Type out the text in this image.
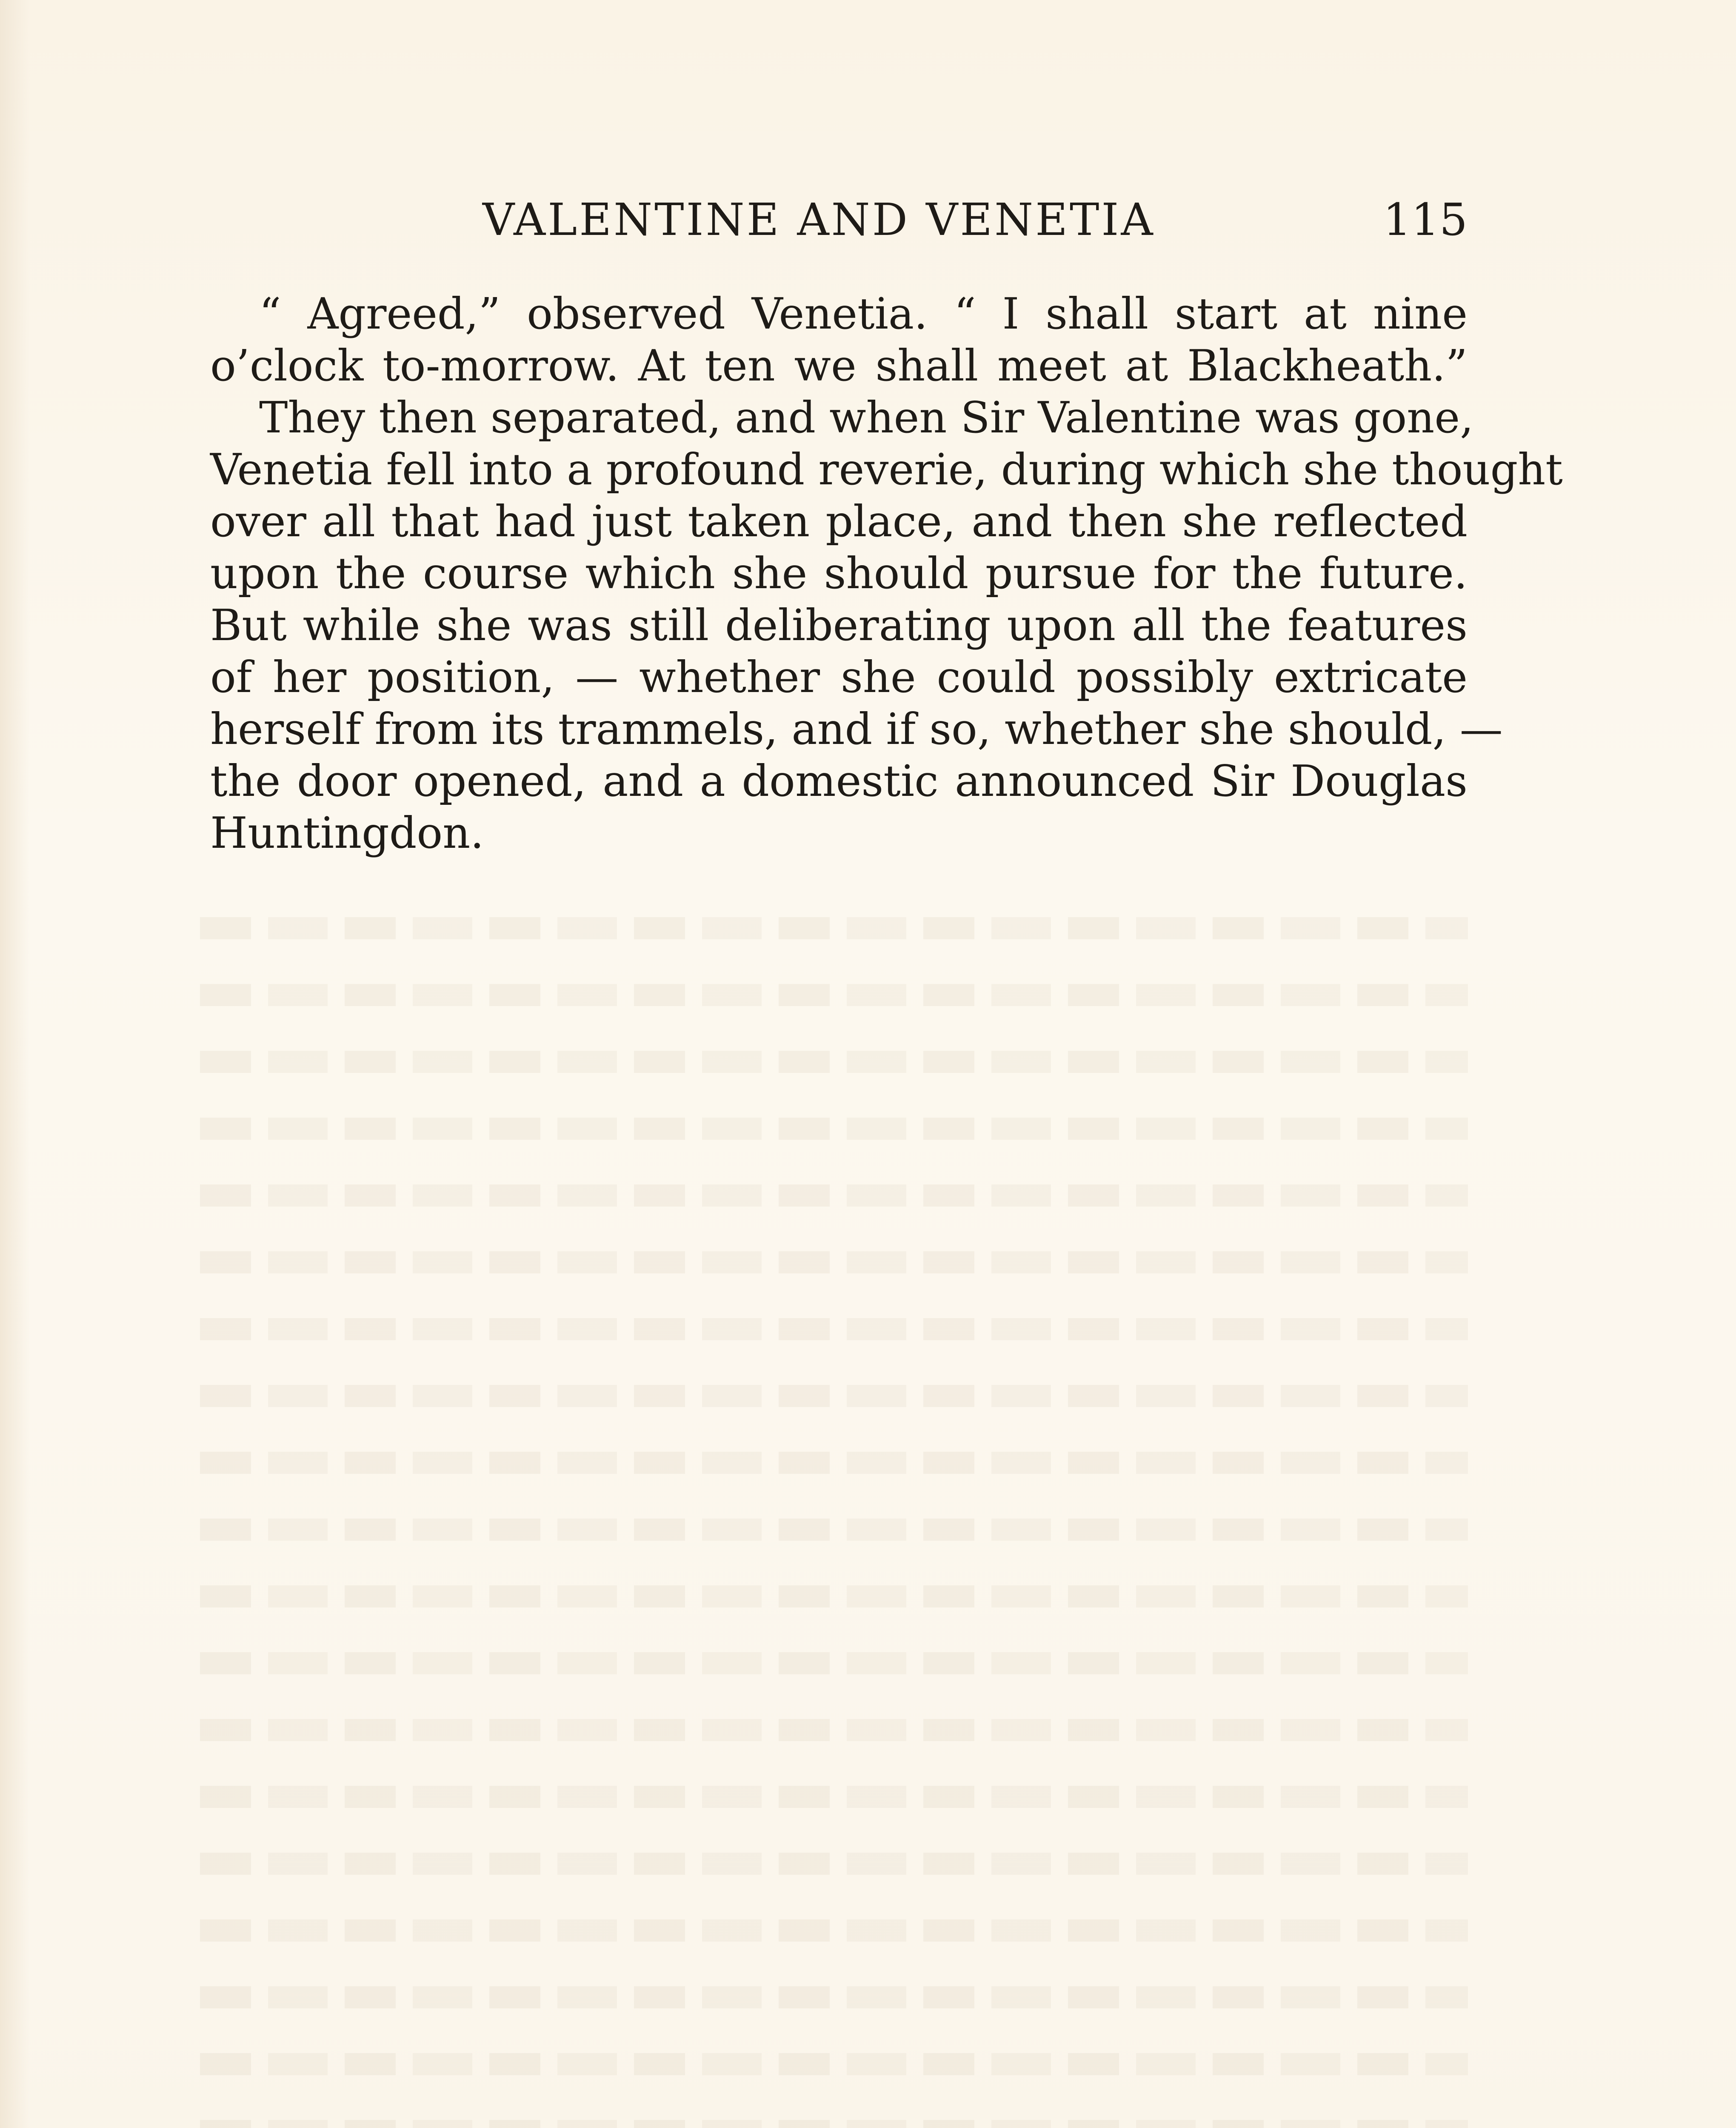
VALENTINE AND VENETIA	115
“ Agreed,” observed Venetia. “ I shall start at nine
o’clock to-morrow. At ten we shall meet at Blackheath.”
They then separated, and when Sir Valentine was gone,
Venetia fell into a profound reverie, during which she thought
over all that had just taken place, and then she reflected
upon the course which she should pursue for the future.
But while she was still deliberating upon all the features
of her position, — whether she could possibly extricate
herself from its trammels, and if so, whether she should, —
the door opened, and a domestic announced Sir Douglas
Huntingdon.
